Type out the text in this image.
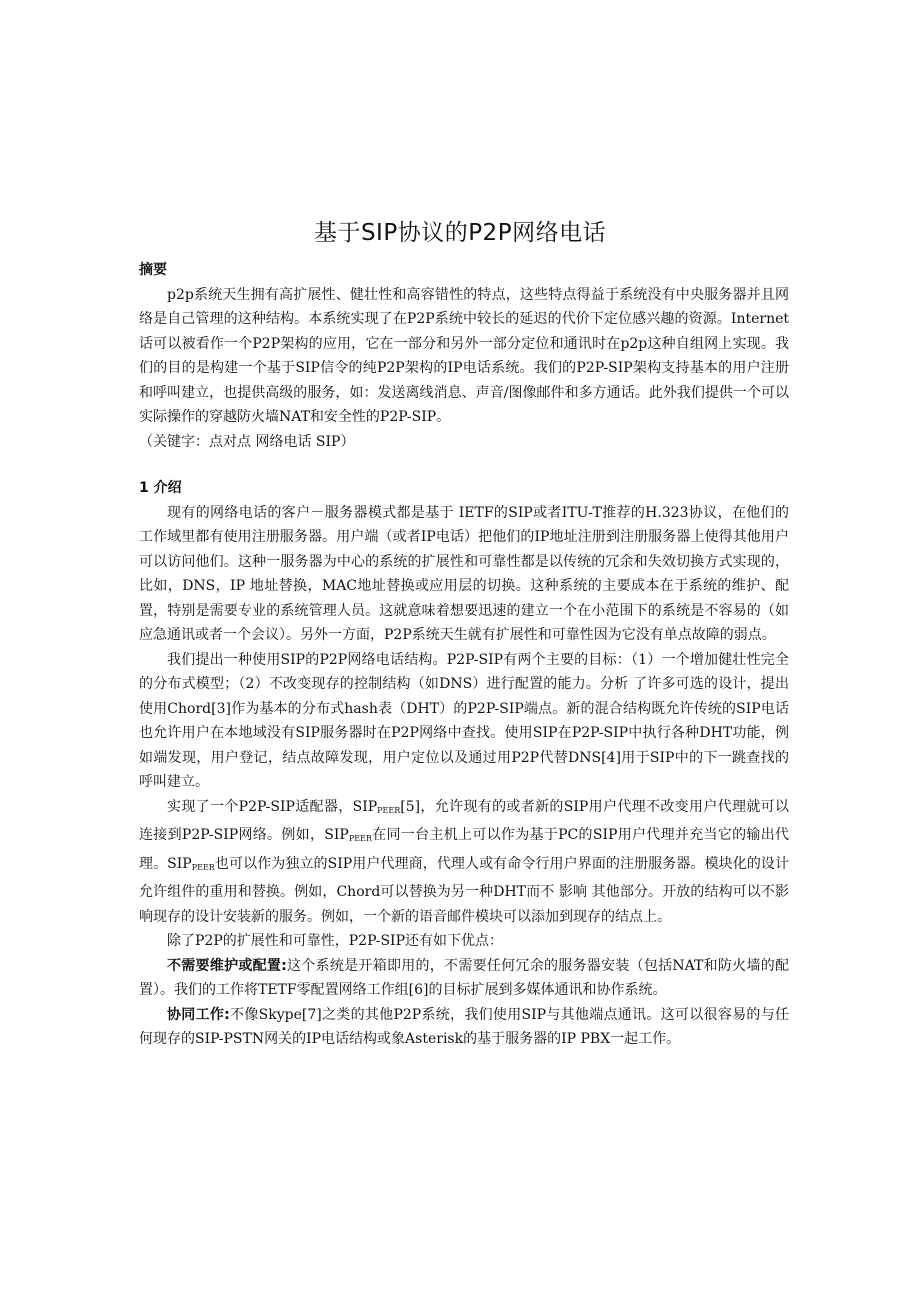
基于SIP协议的P2P网络电话
摘要

p2p系统天生拥有高扩展性、健壮性和高容错性的特点，这些特点得益于系统没有中央服务器并且网络是自己管理的这种结构。本系统实现了在P2P系统中较长的延迟的代价下定位感兴趣的资源。Internet 话可以被看作一个P2P架构的应用，它在一部分和另外一部分定位和通讯时在p2p这种自组网上实现。我们的目的是构建一个基于SIP信令的纯P2P架构的IP电话系统。我们的P2P-SIP架构支持基本的用户注册和呼叫建立，也提供高级的服务，如：发送离线消息、声音/图像邮件和多方通话。此外我们提供一个可以实际操作的穿越防火墙NAT和安全性的P2P-SIP。

（关键字：点对点 网络电话 SIP）

1 介绍

现有的网络电话的客户－服务器模式都是基于 IETF的SIP或者ITU-T推荐的H.323协议，在他们的工作域里都有使用注册服务器。用户端（或者IP电话）把他们的IP地址注册到注册服务器上使得其他用户可以访问他们。这种一服务器为中心的系统的扩展性和可靠性都是以传统的冗余和失效切换方式实现的，比如，DNS，IP 地址替换，MAC地址替换或应用层的切换。这种系统的主要成本在于系统的维护、配置，特别是需要专业的系统管理人员。这就意味着想要迅速的建立一个在小范围下的系统是不容易的（如 应急通讯或者一个会议）。另外一方面，P2P系统天生就有扩展性和可靠性因为它没有单点故障的弱点。

我们提出一种使用SIP的P2P网络电话结构。P2P-SIP有两个主要的目标：（1）一个增加健壮性完全的分布式模型；（2）不改变现存的控制结构（如DNS）进行配置的能力。分析 了许多可选的设计，提出使用Chord[3]作为基本的分布式hash表（DHT）的P2P-SIP端点。新的混合结构既允许传统的SIP电话也允许用户在本地域没有SIP服务器时在P2P网络中查找。使用SIP在P2P-SIP中执行各种DHT功能，例如端发现，用户登记，结点故障发现，用户定位以及通过用P2P代替DNS[4]用于SIP中的下一跳查找的呼叫建立。

实现了一个P2P-SIP适配器，$SIP_{PEER}[5]$，允许现有的或者新的SIP用户代理不改变用户代理就可以连接到P2P-SIP网络。例如，$SIP_{PEER}$在同一台主机上可以作为基于PC的SIP用户代理并充当它的输出代理。$SIP_{PEER}$也可以作为独立的SIP用户代理商，代理人或有命令行用户界面的注册服务器。模块化的设计允许组件的重用和替换。例如，Chord可以替换为另一种DHT而不 影响 其他部分。开放的结构可以不影响现存的设计安装新的服务。例如，一个新的语音邮件模块可以添加到现存的结点上。

除了P2P的扩展性和可靠性，P2P-SIP还有如下优点：

不需要维护或配置:这个系统是开箱即用的，不需要任何冗余的服务器安装（包括NAT和防火墙的配置）。我们的工作将TETF零配置网络工作组[6]的目标扩展到多媒体通讯和协作系统。

协同工作:不像Skype[7]之类的其他P2P系统，我们使用SIP与其他端点通讯。这可以很容易的与任何现存的SIP-PSTN网关的IP电话结构或象Asterisk的基于服务器的IP PBX一起工作。
